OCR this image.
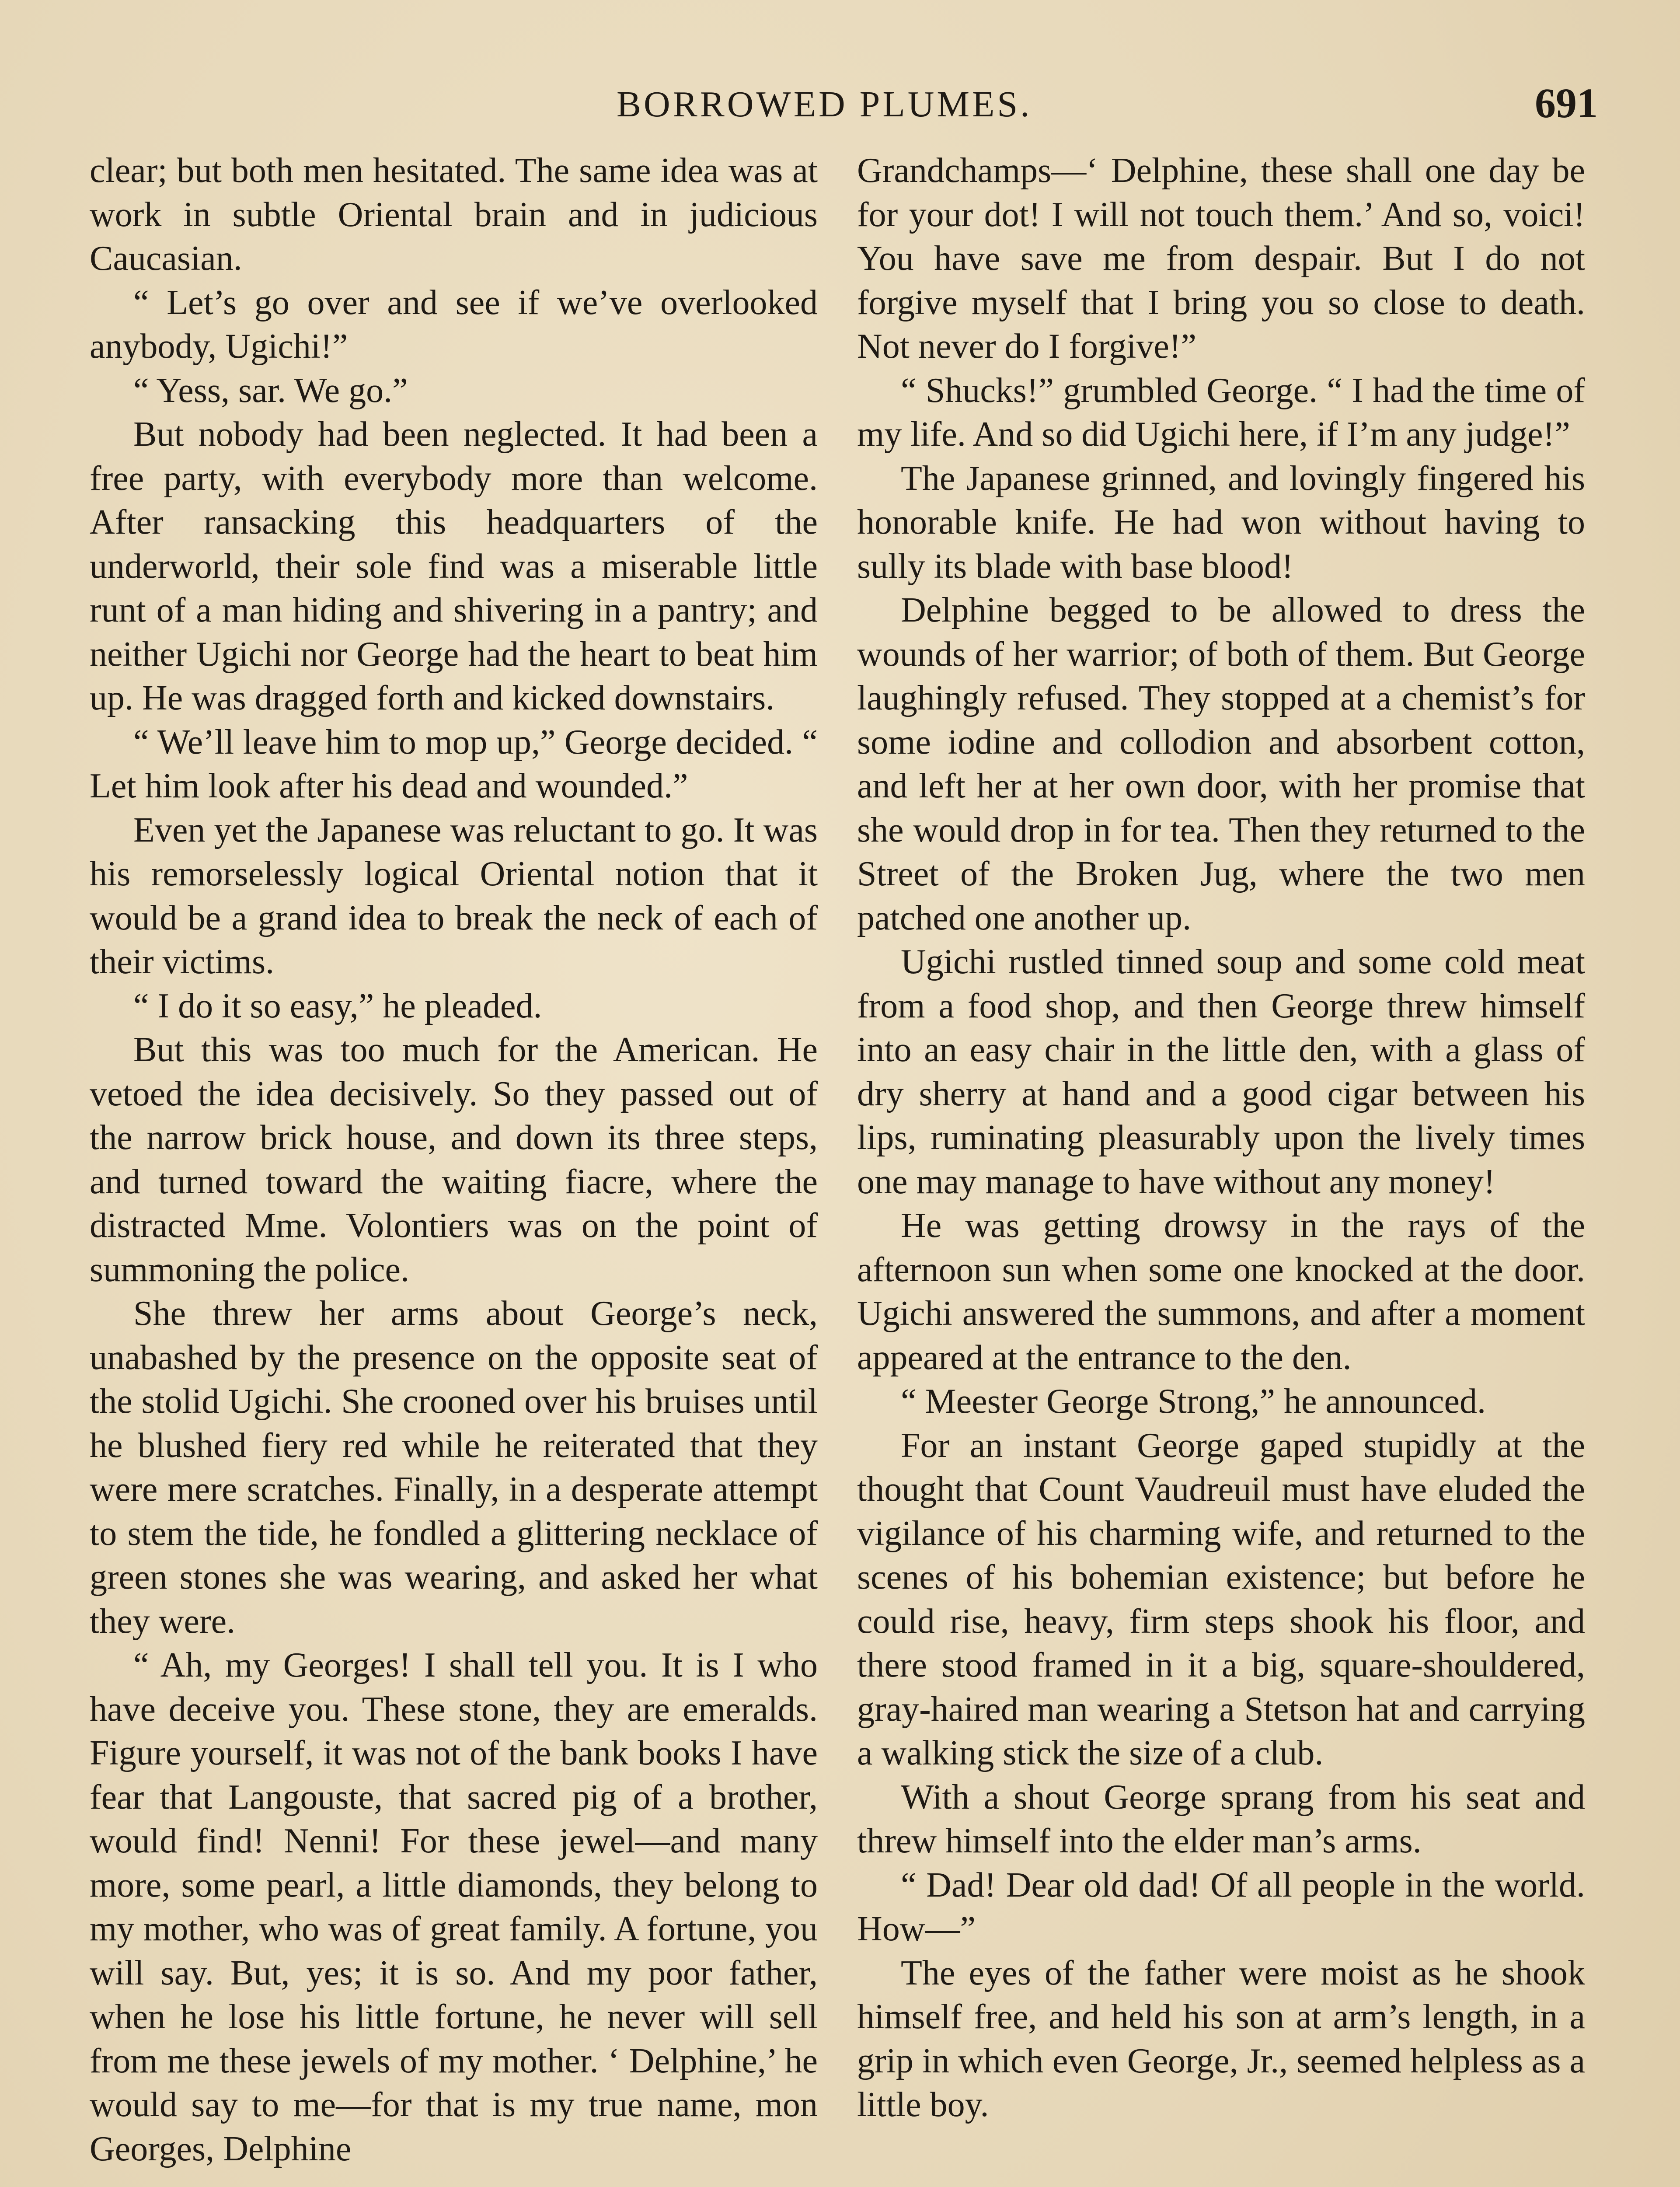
BORROWED PLUMES.	691

clear; but both men hesitated. The same idea was at work in subtle Oriental brain and in judicious Caucasian.

“ Let’s go over and see if we’ve overlooked anybody, Ugichi!”

“ Yess, sar. We go.”

But nobody had been neglected. It had been a free party, with everybody more than welcome. After ransacking this headquarters of the underworld, their sole find was a miserable little runt of a man hiding and shivering in a pantry; and neither Ugichi nor George had the heart to beat him up. He was dragged forth and kicked downstairs.

“ We’ll leave him to mop up,” George decided. “ Let him look after his dead and wounded.”

Even yet the Japanese was reluctant to go. It was his remorselessly logical Oriental notion that it would be a grand idea to break the neck of each of their victims.

“ I do it so easy,” he pleaded.

But this was too much for the American. He vetoed the idea decisively. So they passed out of the narrow brick house, and down its three steps, and turned toward the waiting fiacre, where the distracted Mme. Volontiers was on the point of summoning the police.

She threw her arms about George’s neck, unabashed by the presence on the opposite seat of the stolid Ugichi. She crooned over his bruises until he blushed fiery red while he reiterated that they were mere scratches. Finally, in a desperate attempt to stem the tide, he fondled a glittering necklace of green stones she was wearing, and asked her what they were.

“ Ah, my Georges! I shall tell you. It is I who have deceive you. These stone, they are emeralds. Figure yourself, it was not of the bank books I have fear that Langouste, that sacred pig of a brother, would find! Nenni! For these jewel—and many more, some pearl, a little diamonds, they belong to my mother, who was of great family. A fortune, you will say. But, yes; it is so. And my poor father, when he lose his little fortune, he never will sell from me these jewels of my mother. ‘ Delphine,’ he would say to me—for that is my true name, mon Georges, Delphine

Grandchamps—‘ Delphine, these shall one day be for your dot! I will not touch them.’ And so, voici! You have save me from despair. But I do not forgive myself that I bring you so close to death. Not never do I forgive!”

“ Shucks!” grumbled George. “ I had the time of my life. And so did Ugichi here, if I’m any judge!”

The Japanese grinned, and lovingly fingered his honorable knife. He had won without having to sully its blade with base blood!

Delphine begged to be allowed to dress the wounds of her warrior; of both of them. But George laughingly refused. They stopped at a chemist’s for some iodine and collodion and absorbent cotton, and left her at her own door, with her promise that she would drop in for tea. Then they returned to the Street of the Broken Jug, where the two men patched one another up.

Ugichi rustled tinned soup and some cold meat from a food shop, and then George threw himself into an easy chair in the little den, with a glass of dry sherry at hand and a good cigar between his lips, ruminating pleasurably upon the lively times one may manage to have without any money!

He was getting drowsy in the rays of the afternoon sun when some one knocked at the door. Ugichi answered the summons, and after a moment appeared at the entrance to the den.

“ Meester George Strong,” he announced.

For an instant George gaped stupidly at the thought that Count Vaudreuil must have eluded the vigilance of his charming wife, and returned to the scenes of his bohemian existence; but before he could rise, heavy, firm steps shook his floor, and there stood framed in it a big, square-shouldered, gray-haired man wearing a Stetson hat and carrying a walking stick the size of a club.

With a shout George sprang from his seat and threw himself into the elder man’s arms.

“ Dad! Dear old dad! Of all people in the world. How—”

The eyes of the father were moist as he shook himself free, and held his son at arm’s length, in a grip in which even George, Jr., seemed helpless as a little boy.
